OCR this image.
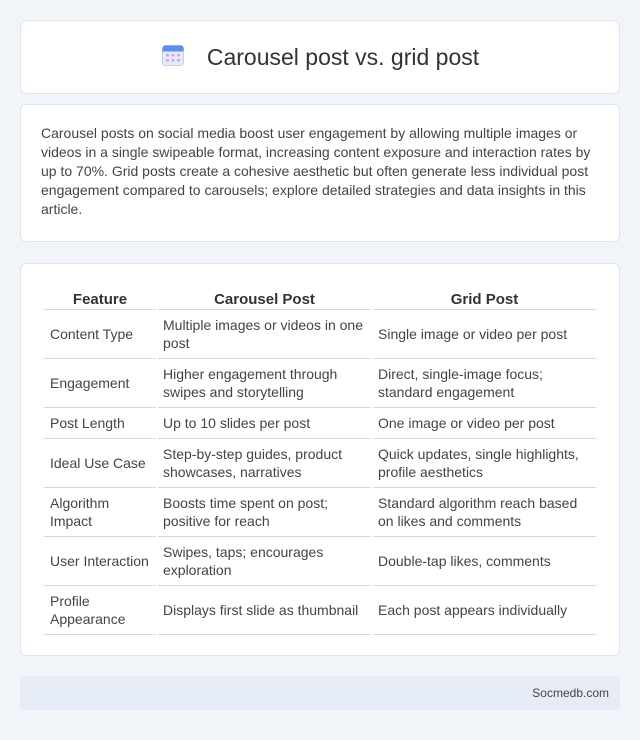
Carousel post vs. grid post

Carousel posts on social media boost user engagement by allowing multiple images or videos in a single swipeable format, increasing content exposure and interaction rates by up to 70%. Grid posts create a cohesive aesthetic but often generate less individual post engagement compared to carousels; explore detailed strategies and data insights in this article.

Feature	Carousel Post	Grid Post
Content Type	Multiple images or videos in one post	Single image or video per post
Engagement	Higher engagement through swipes and storytelling	Direct, single-image focus; standard engagement
Post Length	Up to 10 slides per post	One image or video per post
Ideal Use Case	Step-by-step guides, product showcases, narratives	Quick updates, single highlights, profile aesthetics
Algorithm Impact	Boosts time spent on post; positive for reach	Standard algorithm reach based on likes and comments
User Interaction	Swipes, taps; encourages exploration	Double-tap likes, comments
Profile Appearance	Displays first slide as thumbnail	Each post appears individually
Socmedb.com
